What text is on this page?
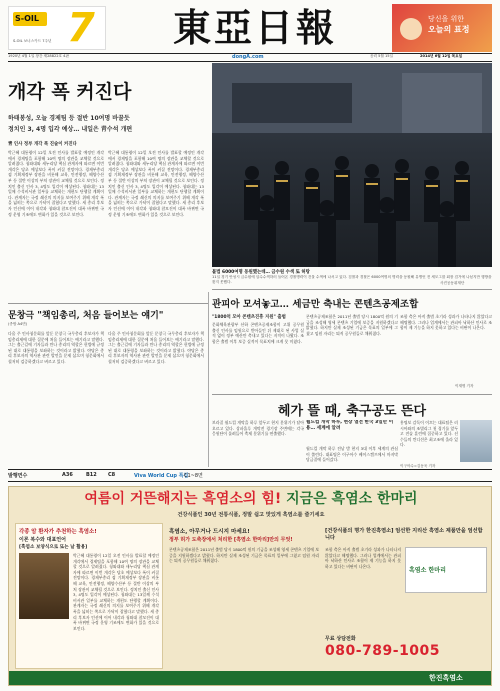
S-OIL 7
S-OIL 보너스카드 7주년	東亞日報	당신을 위한
오늘의 표정
1920년 4월 1일 창간 제28822호 4판	dongA.com	음력 5월 15일	2014년 6월 12일 목요일
개각 폭 커진다
하태봉성, 오늘 경제팀 등 절반 10여명 바꿀듯
정치인 3, 4명 입각 예상… 내일은 靑수석 개편
靑 인사 정부 개각 폭 진술이 커진다
박근혜 대통령이 12일 오전 인사를 발표할 예정인 개각에서 경제팀을 포함해 10여 명의 장관을 교체할 것으로 알려졌다. 청와대와 새누리당 핵심 관계자에 따르면 이번 개각은 당초 예상보다 폭이 커질 전망이다. 경제부총리 겸 기획재정부 장관을 비롯해 교육, 안전행정, 해양수산부 등 절반 이상의 부처 장관이 교체될 것으로 보인다. 정치인 출신 인사 3, 4명도 입각이 예상된다. 청와대는 13일께 수석비서관 일부를 교체하는 개편도 단행할 계획이다. 관계자는 국정 쇄신의 의지를 보여주기 위해 개각 폭을 넓히는 쪽으로 가닥이 잡혔다고 말했다. 새 총리 후보자 인선에 이어 내각과 청와대 참모진이 대폭 바뀌면 국정 운영 기조에도 변화가 있을 것으로 보인다.
박근혜 대통령이 12일 오전 인사를 발표할 예정인 개각에서 경제팀을 포함해 10여 명의 장관을 교체할 것으로 알려졌다. 청와대와 새누리당 핵심 관계자에 따르면 이번 개각은 당초 예상보다 폭이 커질 전망이다. 경제부총리 겸 기획재정부 장관을 비롯해 교육, 안전행정, 해양수산부 등 절반 이상의 부처 장관이 교체될 것으로 보인다. 정치인 출신 인사 3, 4명도 입각이 예상된다. 청와대는 13일께 수석비서관 일부를 교체하는 개편도 단행할 계획이다. 관계자는 국정 쇄신의 의지를 보여주기 위해 개각 폭을 넓히는 쪽으로 가닥이 잡혔다고 말했다. 새 총리 후보자 인선에 이어 내각과 청와대 참모진이 대폭 바뀌면 국정 운영 기조에도 변화가 있을 것으로 보인다.
불법 6000여명 동원했는데… 금수원 수색 또 허탕
11일 경기 안성시 금수원에 압수수색하러 들어온 경찰병력이 건물 수색에 나서고 있다. 검찰과 경찰은 6000여명의 병력을 동원해 유병언 전 세모그룹 회장 검거에 나섰지만 행방을 찾지 못했다.	사진공동취재단
관피아 모셔놓고… 세금만 축내는 콘텐츠공제조합
문창극 "책임총리, 처음 들어보는 얘기"
(종합 A4면)
다음 주 인사청문회를 앞둔 문창극 국무총리 후보자가 책임총리제에 대한 질문에 처음 들어보는 얘기라고 말했다. 그는 출근길에 기자들과 만나 총리의 역할은 헌법에 규정된 대로 대통령을 보좌하는 것이라고 밝혔다. 야당은 총리 후보자의 역사관 관련 발언을 문제 삼으며 청문회에서 철저히 검증하겠다고 벼르고 있다.
다음 주 인사청문회를 앞둔 문창극 국무총리 후보자가 책임총리제에 대한 질문에 처음 들어보는 얘기라고 말했다. 그는 출근길에 기자들과 만나 총리의 역할은 헌법에 규정된 대로 대통령을 보좌하는 것이라고 밝혔다. 야당은 총리 후보자의 역사관 관련 발언을 문제 삼으며 청문회에서 철저히 검증하겠다고 벼르고 있다.
"1800억 모아 콘텐츠진흥 지원" 출범
문화체육관광부 산하 콘텐츠공제조합이 고위 공무원 출신 인사를 임원으로 받아들인 뒤 제대로 된 사업 실적 없이 정부 예산만 축내고 있다는 지적이 나왔다. 조합은 출범 이후 보증 실적이 목표치에 크게 못 미쳤다.
콘텐츠공제조합은 2011년 출범 당시 1800억 원의 기금을 조성해 영세 콘텐츠 기업에 보증을 지원하겠다고 밝혔다. 하지만 실제 조성된 기금은 목표의 일부에 그쳤고 임원 자리는 퇴직 공무원들로 채워졌다.
조합 측은 아직 출범 초기라 성과가 나타나지 않았다고 해명했다. 그러나 업계에서는 관피아 낙하산 인사로 조합이 제 기능을 하지 못하고 있다는 비판이 나온다.
이재명 기자
헤가 뜰 때, 축구공도 뜬다
브라질 월드컵 개막을 하루 앞두고 현지 분위기가 달아오르고 있다. 상파울루 개막전 경기장 주변에는 각국 응원단이 몰려들어 축제 분위기를 연출했다.
월드컵 개막 하루, 현장 열전 한국 3일만 이용… 세계에 알려
월드컵 개막 하루 전날 밤 현지 3대 이후 세계의 관심이 쏠린다. 대표팀은 이구아수 베이스캠프에서 마지막 담금질에 들어갔다.
홍명보 감독이 이끄는 대표팀은 러시아와의 조별리그 첫 경기를 앞두고 전술 훈련에 집중하고 있다. 선수들의 컨디션은 최고조에 올라 있다.
이구아수=김동욱 기자
발행면수	A36	B12 C8	Viva World Cup 특집
C1~8면
여름이 거뜬해지는 흑염소의 힘! 지금은 흑염소 한마리
건강식품인 30년 전통식품, 정말 쉽고 맛있게 흑염소를 즐기세요
각종 암 환자가 추천하는 흑염소!
이론 복수와 대표언어
[흑염소 보양식으로 또는 날 활용]
박근혜 대통령이 12일 오전 인사를 발표할 예정인 개각에서 경제팀을 포함해 10여 명의 장관을 교체할 것으로 알려졌다. 청와대와 새누리당 핵심 관계자에 따르면 이번 개각은 당초 예상보다 폭이 커질 전망이다. 경제부총리 겸 기획재정부 장관을 비롯해 교육, 안전행정, 해양수산부 등 절반 이상의 부처 장관이 교체될 것으로 보인다. 정치인 출신 인사 3, 4명도 입각이 예상된다. 청와대는 13일께 수석비서관 일부를 교체하는 개편도 단행할 계획이다. 관계자는 국정 쇄신의 의지를 보여주기 위해 개각 폭을 넓히는 쪽으로 가닥이 잡혔다고 말했다. 새 총리 후보자 인선에 이어 내각과 청와대 참모진이 대폭 바뀌면 국정 운영 기조에도 변화가 있을 것으로 보인다.
흑염소, 아무거나 드시지 마세요!
정부 허가 도축장에서 처리한 [흑염소 한마리]만의 무엇!
콘텐츠공제조합은 2011년 출범 당시 1800억 원의 기금을 조성해 영세 콘텐츠 기업에 보증을 지원하겠다고 밝혔다. 하지만 실제 조성된 기금은 목표의 일부에 그쳤고 임원 자리는 퇴직 공무원들로 채워졌다.
[건강식품의 명가 한진흑염소] 엄선한 지리산 흑염소 제품만을 엄선합니다
흑염소 한마리
조합 측은 아직 출범 초기라 성과가 나타나지 않았다고 해명했다. 그러나 업계에서는 관피아 낙하산 인사로 조합이 제 기능을 하지 못하고 있다는 비판이 나온다.
무료 상담전화
080-789-1005
한진흑염소
